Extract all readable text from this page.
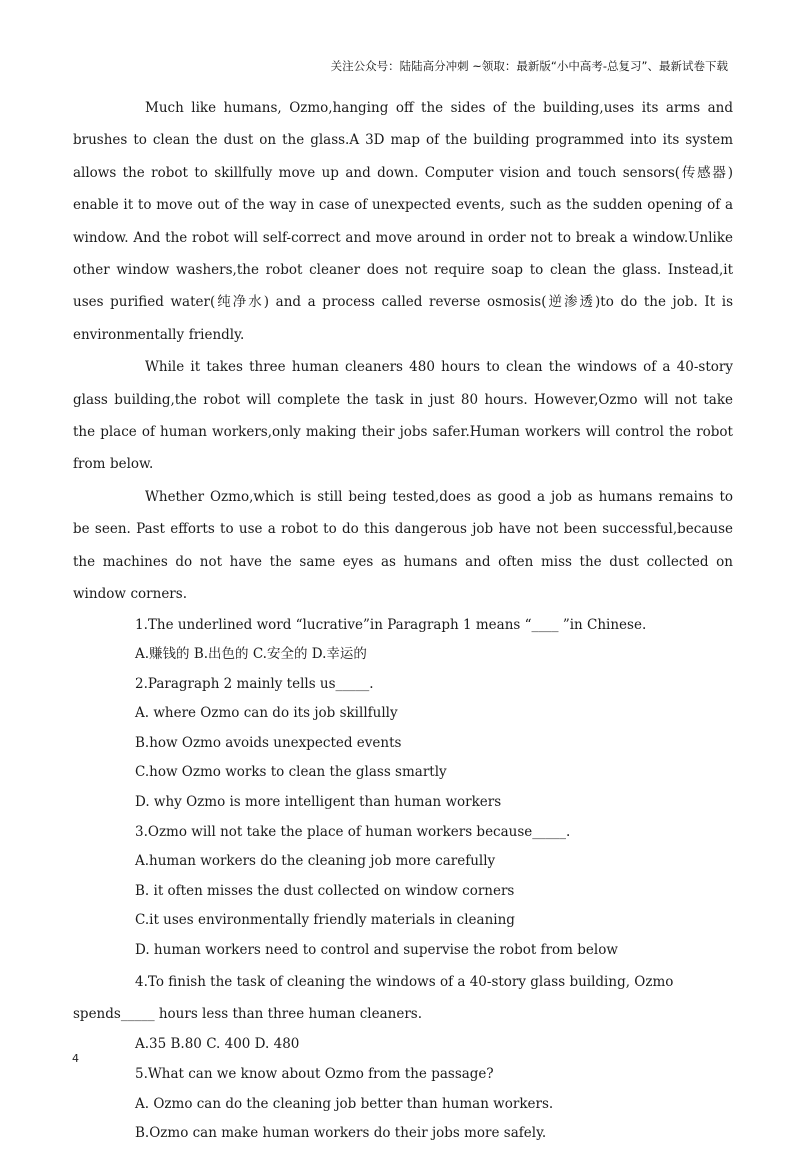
关注公众号：陆陆高分冲刺 ~领取：最新版“小中高考-总复习”、最新试卷下载

Much like humans, Ozmo,hanging off the sides of the building,uses its arms and brushes to clean the dust on the glass.A 3D map of the building programmed into its system allows the robot to skillfully move up and down. Computer vision and touch sensors(传感器) enable it to move out of the way in case of unexpected events, such as the sudden opening of a window. And the robot will self-correct and move around in order not to break a window.Unlike other window washers,the robot cleaner does not require soap to clean the glass. Instead,it uses purified water(纯净水) and a process called reverse osmosis(逆渗透)to do the job. It is environmentally friendly.

While it takes three human cleaners 480 hours to clean the windows of a 40-story glass building,the robot will complete the task in just 80 hours. However,Ozmo will not take the place of human workers,only making their jobs safer.Human workers will control the robot from below.

Whether Ozmo,which is still being tested,does as good a job as humans remains to be seen. Past efforts to use a robot to do this dangerous job have not been successful,because the machines do not have the same eyes as humans and often miss the dust collected on window corners.

1.The underlined word “lucrative”in Paragraph 1 means “____ ”in Chinese.

A.赚钱的 B.出色的 C.安全的 D.幸运的

2.Paragraph 2 mainly tells us_____.

A. where Ozmo can do its job skillfully

B.how Ozmo avoids unexpected events

C.how Ozmo works to clean the glass smartly

D. why Ozmo is more intelligent than human workers

3.Ozmo will not take the place of human workers because_____.

A.human workers do the cleaning job more carefully

B. it often misses the dust collected on window corners

C.it uses environmentally friendly materials in cleaning

D. human workers need to control and supervise the robot from below

4.To finish the task of cleaning the windows of a 40-story glass building, Ozmo spends_____ hours less than three human cleaners.

A.35 B.80 C. 400 D. 480

5.What can we know about Ozmo from the passage?

A. Ozmo can do the cleaning job better than human workers.

B.Ozmo can make human workers do their jobs more safely.

4
